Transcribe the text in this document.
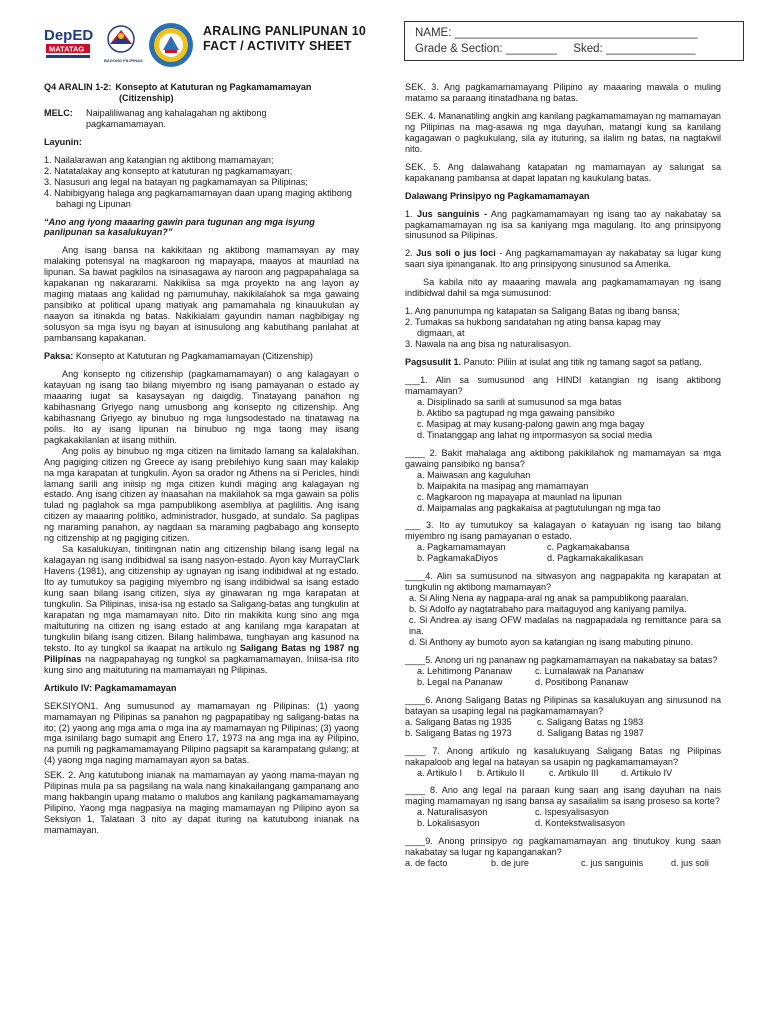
DepED
MATATAG
BAGONG PILIPINAS
ARALING PANLIPUNAN 10
FACT / ACTIVITY SHEET
NAME: ______________________________________
Grade & Section: ________ Sked: ______________
Q4 ARALIN 1-2: Konsepto at Katuturan ng Pagkamamamayan

(Citizenship)

MELC:	Naipaliliwanag ang kahalagahan ng aktibong pagkamamamayan.

Layunin:

1. Nailalarawan ang katangian ng aktibong mamamayan;

2. Natatalakay ang konsepto at katuturan ng pagkamamayan;

3. Nasusuri ang legal na batayan ng pagkamamayan sa Pilipinas;

4. Nabibigyang halaga ang pagkamamamayan daan upang maging aktibong bahagi ng Lipunan

“Ano ang iyong maaaring gawin para tugunan ang mga isyung panlipunan sa kasalukuyan?”

Ang isang bansa na kakikitaan ng aktibong mamamayan ay may malaking potensyal na magkaroon ng mapayapa, maayos at maunlad na lipunan. Sa bawat pagkilos na isinasagawa ay naroon ang pagpapahalaga sa kapakanan ng nakararami. Nakikiisa sa mga proyekto na ang layon ay maging mataas ang kalidad ng pamumuhay, nakikilalahok sa mga gawaing pansibiko at political upang matiyak ang pamamahala ng kinauukulan ay naayon sa itinakda ng batas. Nakikialam gayundin naman nagbibigay ng solusyon sa mga isyu ng bayan at isinusulong ang kabutihang panlahat at pambansang kapakanan.

Paksa: Konsepto at Katuturan ng Pagkamamamayan (Citizenship)

Ang konsepto ng citizenship (pagkamamamayan) o ang kalagayan o katayuan ng isang tao bilang miyembro ng isang pamayanan o estado ay maaaring iugat sa kasaysayan ng daigdig. Tinatayang panahon ng kabihasnang Griyego nang umusbong ang konsepto ng citizenship. Ang kabihasnang Griyego ay binubuo ng mga lungsodestado na tinatawag na polis. Ito ay isang lipunan na binubuo ng mga taong may iisang pagkakakilanlan at iisang mithiin.

Ang polis ay binubuo ng mga citizen na limitado lamang sa kalalakihan. Ang pagiging citizen ng Greece ay isang prebilehiyo kung saan may kalakip na mga karapatan at tungkulin. Ayon sa orador ng Athens na si Pericles, hindi lamang sarili ang iniisip ng mga citizen kundi maging ang kalagayan ng estado. Ang isang citizen ay inaasahan na makilahok sa mga gawain sa polis tulad ng paglahok sa mga pampublikong asembliya at paglilitis. Ang isang citizen ay maaaring politiko, administrador, husgado, at sundalo. Sa paglipas ng maraming panahon, ay nagdaan sa maraming pagbabago ang konsepto ng citizenship at ng pagiging citizen.

Sa kasalukuyan, tinitingnan natin ang citizenship bilang isang legal na kalagayan ng isang indibidwal sa isang nasyon-estado. Ayon kay MurrayClark Havens (1981), ang citizenship ay ugnayan ng isang indibidwal at ng estado. Ito ay tumutukoy sa pagiging miyembro ng isang indibidwal sa isang estado kung saan bilang isang citizen, siya ay ginawaran ng mga karapatan at tungkulin. Sa Pilipinas, inisa-isa ng estado sa Saligang-batas ang tungkulin at karapatan ng mga mamamayan nito. Dito rin makikita kung sino ang mga maituturing na citizen ng isang estado at ang kanilang mga karapatan at tungkulin bilang isang citizen. Bilang halimbawa, tunghayan ang kasunod na teksto. Ito ay tungkol sa ikaapat na artikulo ng Saligang Batas ng 1987 ng Pilipinas na nagpapahayag ng tungkol sa pagkamamamayan. Iniisa-isa rito kung sino ang maituturing na mamamayan ng Pilipinas.

Artikulo IV: Pagkamamamayan

SEKSIYON1. Ang sumusunod ay mamamayan ng Pilipinas: (1) yaong mamamayan ng Pilipinas sa panahon ng pagpapatibay ng saligang-batas na ito; (2) yaong ang mga ama o mga ina ay mamamayan ng Pilipinas; (3) yaong mga isinilang bago sumapit ang Enero 17, 1973 na ang mga ina ay Pilipino, na pumili ng pagkamamamayang Pilipino pagsapit sa karampatang gulang; at (4) yaong mga naging mamamayan ayon sa batas.

SEK. 2. Ang katutubong inianak na mamamayan ay yaong mama-mayan ng Pilipinas mula pa sa pagsilang na wala nang kinakailangang gampanang ano mang hakbangin upang matamo o malubos ang kanilang pagkamamamayang Pilipino. Yaong mga nagpasiya na maging mamamayan ng Pilipino ayon sa Seksiyon 1, Talataan 3 nito ay dapat ituring na katutubong inianak na mamamayan.

SEK. 3. Ang pagkamamamayang Pilipino ay maaaring mawala o muling matamo sa paraang itinatadhana ng batas.

SEK. 4. Mananatiling angkin ang kanilang pagkamamamayan ng mamamayan ng Pilipinas na mag-asawa ng mga dayuhan, matangi kung sa kanilang kagagawan o pagkukulang, sila ay ituturing, sa ilalim ng batas, na nagtakwil nito.

SEK. 5. Ang dalawahang katapatan ng mamamayan ay salungat sa kapakanang pambansa at dapat lapatan ng kaukulang batas.

Dalawang Prinsipyo ng Pagkamamamayan

1. Jus sanguinis - Ang pagkamamamayan ng isang tao ay nakabatay sa pagkamamamayan ng isa sa kaniyang mga magulang. Ito ang prinsipyong sinusunod sa Pilipinas.

2. Jus soli o jus loci - Ang pagkamamamayan ay nakabatay sa lugar kung saan siya ipinanganak. Ito ang prinsipyong sinusunod sa Amerika.

Sa kabila nito ay maaaring mawala ang pagkamamamayan ng isang indibidwal dahil sa mga sumusunod:

1. Ang panunumpa ng katapatan sa Saligang Batas ng ibang bansa;

2. Tumakas sa hukbong sandatahan ng ating bansa kapag may digmaan, at

3. Nawala na ang bisa ng naturalisasyon.

Pagsusulit 1. Panuto: Piliin at isulat ang titik ng tamang sagot sa patlang.

___1. Alin sa sumusunod ang HINDI katangian ng isang aktibong mamamayan?

a. Disiplinado sa sarili at sumusunod sa mga batas

b. Aktibo sa pagtupad ng mga gawaing pansibiko

c. Masipag at may kusang-palong gawin ang mga bagay

d. Tinatanggap ang lahat ng impormasyon sa social media

____ 2. Bakit mahalaga ang aktibong pakikilahok ng mamamayan sa mga gawaing pansibiko ng bansa?

a. Maiwasan ang kaguluhan

b. Maipakita na masipag ang mamamayan

c. Magkaroon ng mapayapa at maunlad na lipunan

d. Maipamalas ang pagkakaisa at pagtutulungan ng mga tao

___ 3. Ito ay tumutukoy sa kalagayan o katayuan ng isang tao bilang miyembro ng isang pamayanan o estado.

a. Pagkamamamayan	c. Pagkamakabansa
b. PagkamakaDiyos	d. Pagkamakakalikasan

____4. Alin sa sumusunod na sitwasyon ang nagpapakita ng karapatan at tungkulin ng aktibong mamamayan?

a. Si Aling Nena ay nagpapa-aral ng anak sa pampublikong paaralan.

b. Si Adolfo ay nagtatrabaho para maitaguyod ang kaniyang pamilya.

c. Si Andrea ay isang OFW madalas na nagpapadala ng remittance para sa ina.

d. Si Anthony ay bumoto ayon sa katangian ng isang mabuting pinuno.

____5. Anong uri ng pananaw ng pagkamamamayan na nakabatay sa batas?

a. Lehitimong Pananaw	c. Lumalawak na Pananaw
b. Legal na Pananaw	d. Positibong Pananaw

____6. Anong Saligang Batas ng Pilipinas sa kasalukuyan ang sinusunod na batayan sa usaping legal na pagkamamamayan?

a. Saligang Batas ng 1935	c. Saligang Batas ng 1983
b. Saligang Batas ng 1973	d. Saligang Batas ng 1987

____ 7. Anong artikulo ng kasalukuyang Saligang Batas ng Pilipinas nakapaloob ang legal na batayan sa usapin ng pagkamamamayan?

a. Artikulo I	b. Artikulo II	c. Artikulo III	d. Artikulo IV

____ 8. Ano ang legal na paraan kung saan ang isang dayuhan na nais maging mamamayan ng isang bansa ay sasailalim sa isang proseso sa korte?

a. Naturalisasyon	c. Ispesyalisasyon
b. Lokalisasyon	d. Kontekstwalisasyon

____9. Anong prinsipyo ng pagkamamamayan ang tinutukoy kung saan nakabatay sa lugar ng kapanganakan?

a. de facto	b. de jure	c. jus sanguinis	d. jus soli
